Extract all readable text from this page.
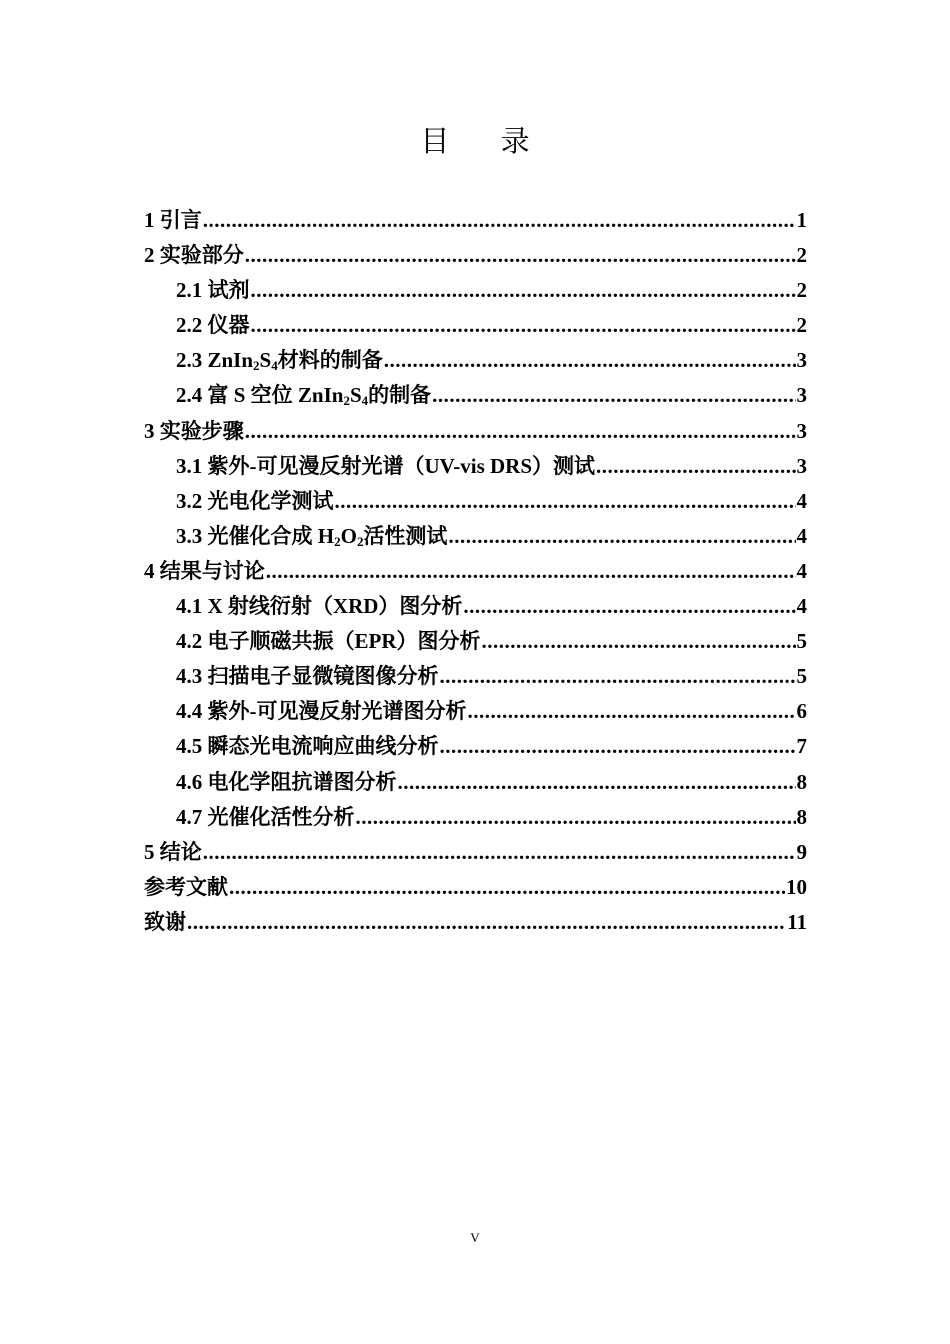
目 录
1 引言 .....	1
2 实验部分 .....	2
2.1 试剂 .....	2
2.2 仪器 .....	2
2.3 $ZnIn_2S_4$材料的制备 .....	3
2.4 富 S 空位 $ZnIn_2S_4$的制备 .....	3
3 实验步骤 .....	3
3.1 紫外-可见漫反射光谱（UV-vis DRS）测试 .....	3
3.2 光电化学测试 .....	4
3.3 光催化合成 $H_2O_2$活性测试 .....	4
4 结果与讨论 .....	4
4.1 X 射线衍射（XRD）图分析 .....	4
4.2 电子顺磁共振（EPR）图分析 .....	5
4.3 扫描电子显微镜图像分析 .....	5
4.4 紫外-可见漫反射光谱图分析 .....	6
4.5 瞬态光电流响应曲线分析 .....	7
4.6 电化学阻抗谱图分析 .....	8
4.7 光催化活性分析 .....	8
5 结论 .....	9
参考文献 .....	10
致谢 .....	11
V
